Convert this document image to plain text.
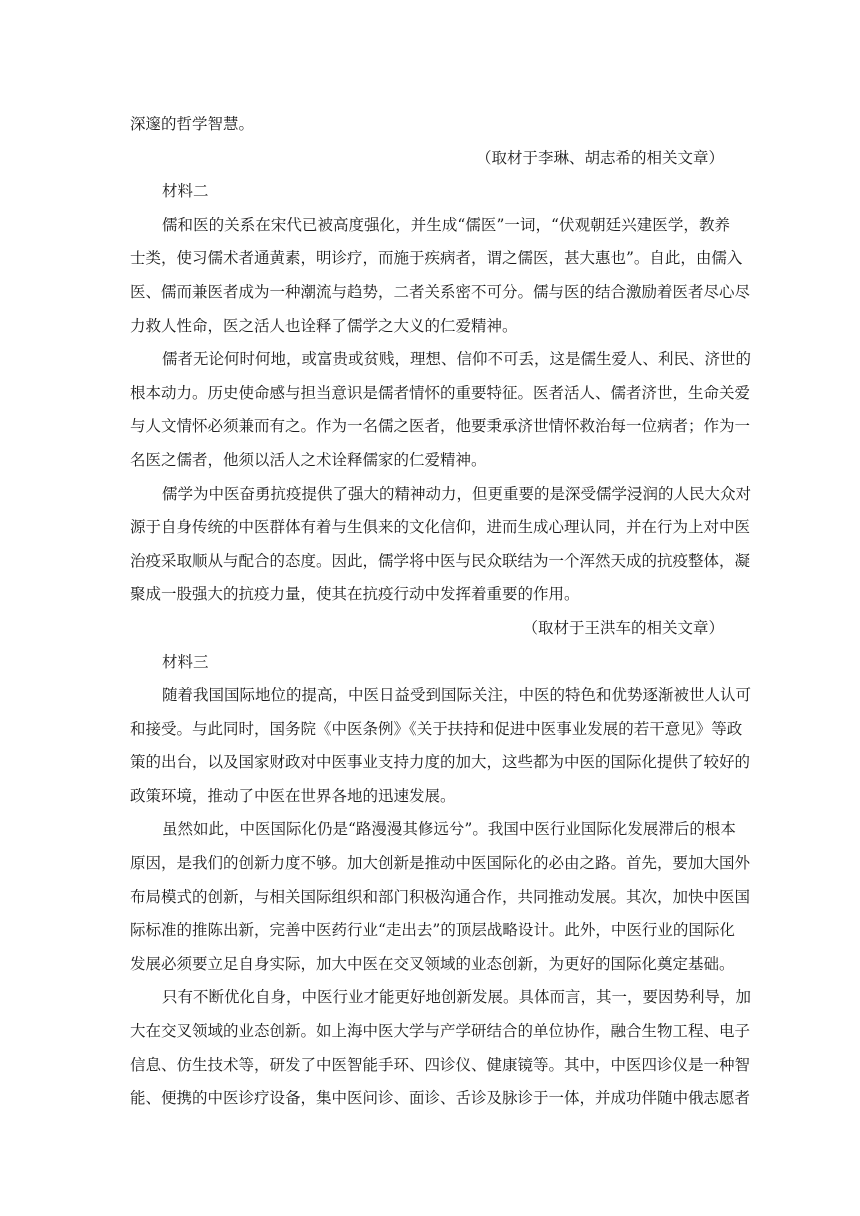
深邃的哲学智慧。
（取材于李琳、胡志希的相关文章）
材料二
儒和医的关系在宋代已被高度强化，并生成“儒医”一词，“伏观朝廷兴建医学，教养
士类，使习儒术者通黄素，明诊疗，而施于疾病者，谓之儒医，甚大惠也”。自此，由儒入
医、儒而兼医者成为一种潮流与趋势，二者关系密不可分。儒与医的结合激励着医者尽心尽
力救人性命，医之活人也诠释了儒学之大义的仁爱精神。
儒者无论何时何地，或富贵或贫贱，理想、信仰不可丢，这是儒生爱人、利民、济世的
根本动力。历史使命感与担当意识是儒者情怀的重要特征。医者活人、儒者济世，生命关爱
与人文情怀必须兼而有之。作为一名儒之医者，他要秉承济世情怀救治每一位病者；作为一
名医之儒者，他须以活人之术诠释儒家的仁爱精神。
儒学为中医奋勇抗疫提供了强大的精神动力，但更重要的是深受儒学浸润的人民大众对
源于自身传统的中医群体有着与生俱来的文化信仰，进而生成心理认同，并在行为上对中医
治疫采取顺从与配合的态度。因此，儒学将中医与民众联结为一个浑然天成的抗疫整体，凝
聚成一股强大的抗疫力量，使其在抗疫行动中发挥着重要的作用。
（取材于王洪车的相关文章）
材料三
随着我国国际地位的提高，中医日益受到国际关注，中医的特色和优势逐渐被世人认可
和接受。与此同时，国务院《中医条例》《关于扶持和促进中医事业发展的若干意见》等政
策的出台，以及国家财政对中医事业支持力度的加大，这些都为中医的国际化提供了较好的
政策环境，推动了中医在世界各地的迅速发展。
虽然如此，中医国际化仍是“路漫漫其修远兮”。我国中医行业国际化发展滞后的根本
原因，是我们的创新力度不够。加大创新是推动中医国际化的必由之路。首先，要加大国外
布局模式的创新，与相关国际组织和部门积极沟通合作，共同推动发展。其次，加快中医国
际标准的推陈出新，完善中医药行业“走出去”的顶层战略设计。此外，中医行业的国际化
发展必须要立足自身实际，加大中医在交叉领域的业态创新，为更好的国际化奠定基础。
只有不断优化自身，中医行业才能更好地创新发展。具体而言，其一，要因势利导，加
大在交叉领域的业态创新。如上海中医大学与产学研结合的单位协作，融合生物工程、电子
信息、仿生技术等，研发了中医智能手环、四诊仪、健康镜等。其中，中医四诊仪是一种智
能、便携的中医诊疗设备，集中医问诊、面诊、舌诊及脉诊于一体，并成功伴随中俄志愿者
